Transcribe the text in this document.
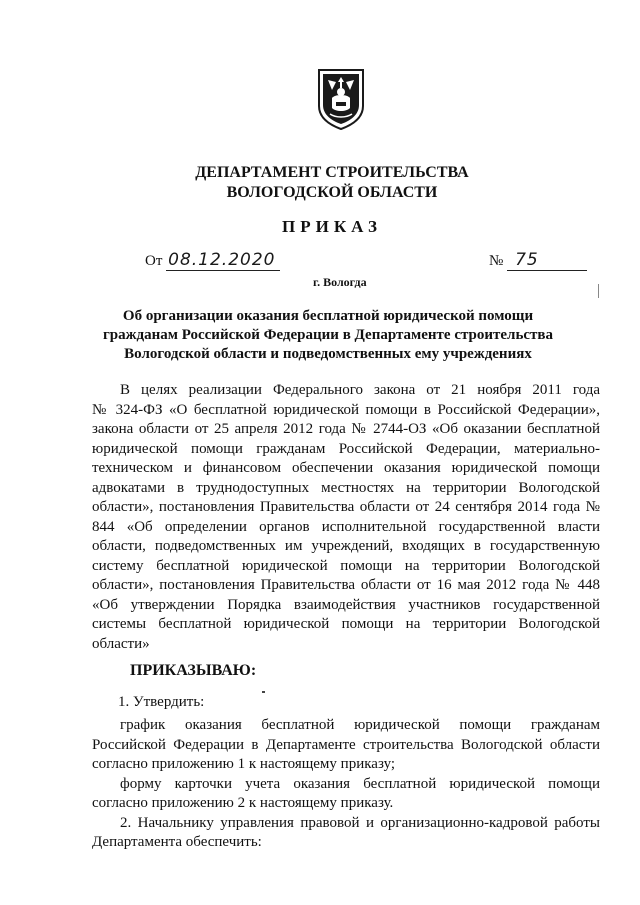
ДЕПАРТАМЕНТ СТРОИТЕЛЬСТВА
ВОЛОГОДСКОЙ ОБЛАСТИ
ПРИКАЗ
От 08.12.2020	№ 75
г. Вологда
Об организации оказания бесплатной юридической помощи
гражданам Российской Федерации в Департаменте строительства
Вологодской области и подведомственных ему учреждениях
В целях реализации Федерального закона от 21 ноября 2011 года
№ 324-ФЗ «О бесплатной юридической помощи в Российской Федерации»,
закона области от 25 апреля 2012 года № 2744-ОЗ «Об оказании бесплатной
юридической помощи гражданам Российской Федерации, материально-
техническом и финансовом обеспечении оказания юридической помощи
адвокатами в труднодоступных местностях на территории Вологодской
области», постановления Правительства области от 24 сентября 2014 года №
844 «Об определении органов исполнительной государственной власти
области, подведомственных им учреждений, входящих в государственную
систему бесплатной юридической помощи на территории Вологодской
области», постановления Правительства области от 16 мая 2012 года № 448
«Об утверждении Порядка взаимодействия участников государственной
системы бесплатной юридической помощи на территории Вологодской
области»
ПРИКАЗЫВАЮ:
1. Утвердить:
график оказания бесплатной юридической помощи гражданам
Российской Федерации в Департаменте строительства Вологодской области
согласно приложению 1 к настоящему приказу;
форму карточки учета оказания бесплатной юридической помощи
согласно приложению 2 к настоящему приказу.
2. Начальнику управления правовой и организационно-кадровой работы
Департамента обеспечить:
